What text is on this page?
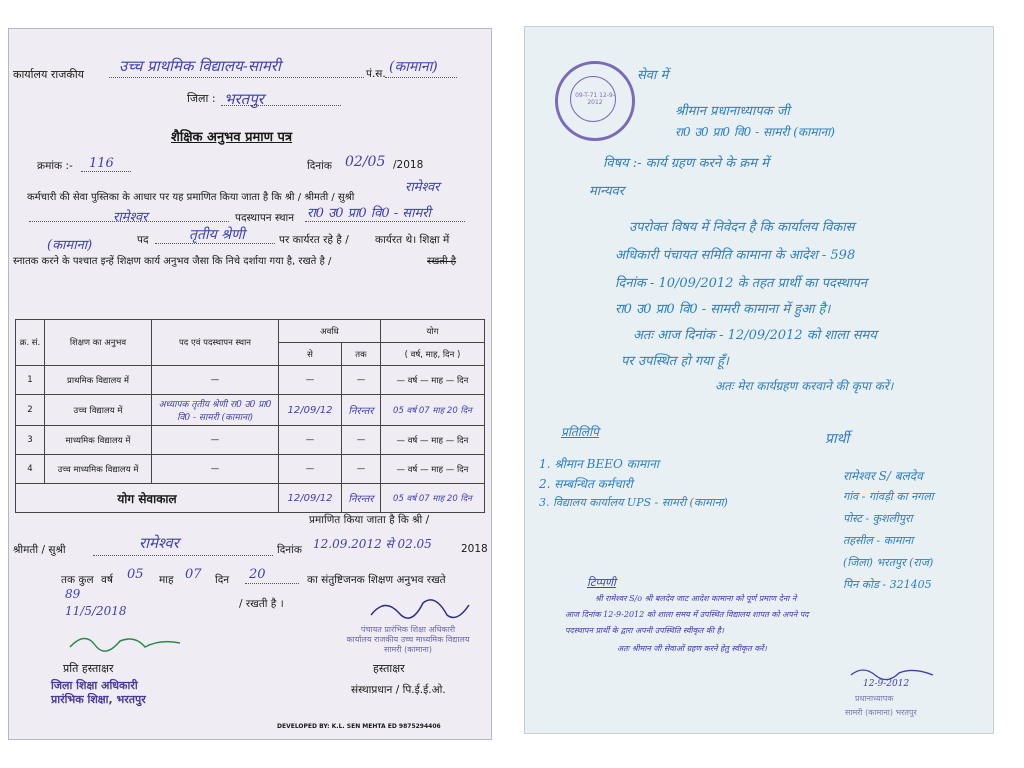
कार्यालय राजकीय उच्च प्राथमिक विद्यालय-सामरी	पं.स. (कामाना)
जिला : भरतपुर
शैक्षिक अनुभव प्रमाण पत्र
क्रमांक :- 116	दिनांक 02/05 /2018
कर्मचारी की सेवा पुस्तिका के आधार पर यह प्रमाणित किया जाता है कि श्री / श्रीमती / सुश्री
रामेश्वर
रामेश्वर	पदस्थापन स्थान रा0 उ0 प्रा0 वि0 - सामरी
(कामाना)	पद	तृतीय श्रेणी	पर कार्यरत रहे है /	कार्यरत थे। शिक्षा में
स्नातक करने के पश्चात इन्हें शिक्षण कार्य अनुभव जैसा कि निचे दर्शाया गया है, रखते है /	रखती है
क्र. सं.	शिक्षण का अनुभव	पद एवं पदस्थापन स्थान	अवधि		योग
			से	तक	( वर्ष, माह, दिन )
1	प्राथमिक विद्यालय में	—	—	—	— वर्ष — माह — दिन
2	उच्च विद्यालय में	अध्यापक तृतीय श्रेणी रा0 उ0 प्रा0 वि0 - सामरी (कामाना)	12/09/12	निरन्तर	05 वर्ष 07 माह 20 दिन
3	माध्यमिक विद्यालय में	—	—	—	— वर्ष — माह — दिन
4	उच्च माध्यमिक विद्यालय में	—	—	—	— वर्ष — माह — दिन
योग सेवाकाल			12/09/12	निरन्तर	05 वर्ष 07 माह 20 दिन
प्रमाणित किया जाता है कि श्री /
श्रीमती / सुश्री	रामेश्वर	दिनांक 12.09.2012 से 02.05	2018
तक कुल वर्ष 05 माह 07 दिन 20	का संतुष्टिजनक शिक्षण अनुभव रखते
89
11/5/2018	/ रखती है ।
प्रति हस्ताक्षर	हस्ताक्षर
संस्थाप्रधान / पि.ई.ई.ओ.
जिला शिक्षा अधिकारी
प्रारंभिक शिक्षा, भरतपुर
पंचायत प्रारंभिक शिक्षा अधिकारी
कार्यालय राजकीय उच्च माध्यमिक विद्यालय
सामरी (कामाना)
DEVELOPED BY: K.L. SEN MEHTA ED 9875294406
09-T-71 12-9-2012
सेवा में
श्रीमान प्रधानाध्यापक जी
रा0 उ0 प्रा0 वि0 - सामरी (कामाना)
विषय :- कार्य ग्रहण करने के क्रम में
मान्यवर
उपरोक्त विषय में निवेदन है कि कार्यालय विकास
अधिकारी पंचायत समिति कामाना के आदेश - 598
दिनांक - 10/09/2012 के तहत प्रार्थी का पदस्थापन
रा0 उ0 प्रा0 वि0 - सामरी कामाना में हुआ है।
अतः आज दिनांक - 12/09/2012 को शाला समय
पर उपस्थित हो गया हूँ।
अतः मेरा कार्यग्रहण करवाने की कृपा करें।
प्रार्थी
प्रतिलिपि
1. श्रीमान BEEO कामाना
2. सम्बन्धित कर्मचारी
3. विद्यालय कार्यालय UPS - सामरी (कामाना)
रामेश्वर S/ बलदेव
गांव - गांवड़ी का नगला
पोस्ट - कुशलीपुरा
तहसील - कामाना
(जिला) भरतपुर (राज)
पिन कोड - 321405
टिप्पणी
श्री रामेश्वर S/o श्री बलदेव जाट आदेश कामाना को पूर्ण प्रमाण देना ने
आज दिनांक 12-9-2012 को शाला समय में उपस्थित विद्यालय शापत को अपने पद
पदस्थापन प्रार्थी के द्वारा अपनी उपस्थिति स्वीकृत की है।
अतः श्रीमान जी सेवाओं ग्रहण करने हेतु स्वीकृत करें।
12-9-2012
प्रधानाध्यापक
सामरी (कामाना) भरतपुर
